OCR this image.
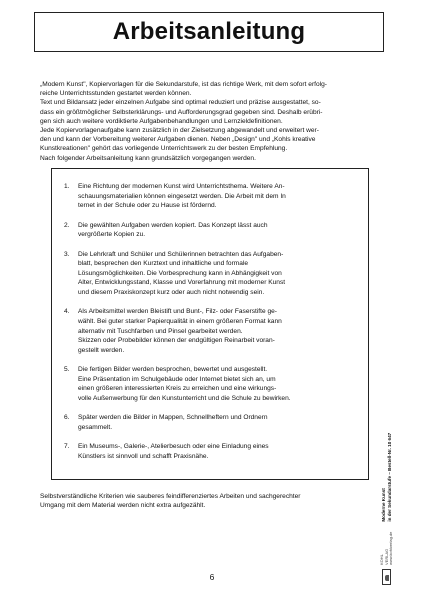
Arbeitsanleitung

„Modern Kunst", Kopiervorlagen für die Sekundarstufe, ist das richtige Werk, mit dem sofort erfolg-

reiche Unterrichtsstunden gestartet werden können.

Text und Bildansatz jeder einzelnen Aufgabe sind optimal reduziert und präzise ausgestattet, so-

dass ein größtmöglicher Selbsterklärungs- und Aufforderungsgrad gegeben sind. Deshalb erübri-

gen sich auch weitere vordiktierte Aufgabenbehandlungen und Lernzieldefinitionen.

Jede Kopiervorlagenaufgabe kann zusätzlich in der Zielsetzung abgewandelt und erweitert wer-

den und kann der Vorbereitung weiterer Aufgaben dienen. Neben „Design" und „Kohls kreative

Kunstkreationen" gehört das vorliegende Unterrichtswerk zu der besten Empfehlung.

Nach folgender Arbeitsanleitung kann grundsätzlich vorgegangen werden.

1.	Eine Richtung der modernen Kunst wird Unterrichtsthema. Weitere An-
schauungsmaterialien können eingesetzt werden. Die Arbeit mit dem In
ternet in der Schule oder zu Hause ist fördernd.
2.	Die gewählten Aufgaben werden kopiert. Das Konzept lässt auch
vergrößerte Kopien zu.
3.	Die Lehrkraft und Schüler und Schülerinnen betrachten das Aufgaben-
blatt, besprechen den Kurztext und inhaltliche und formale
Lösungsmöglichkeiten. Die Vorbesprechung kann in Abhängigkeit von
Alter, Entwicklungsstand, Klasse und Vorerfahrung mit moderner Kunst
und diesem Praxiskonzept kurz oder auch nicht notwendig sein.
4.	Als Arbeitsmittel werden Bleistift und Bunt-, Filz- oder Faserstifte ge-
wählt. Bei guter starker Papierqualität in einem größeren Format kann
alternativ mit Tuschfarben und Pinsel gearbeitet werden.
Skizzen oder Probebilder können der endgültigen Reinarbeit voran-
gestellt werden.
5.	Die fertigen Bilder werden besprochen, bewertet und ausgestellt.
Eine Präsentation im Schulgebäude oder Internet bietet sich an, um
einen größeren interessierten Kreis zu erreichen und eine wirkungs-
volle Außenwerbung für den Kunstunterricht und die Schule zu bewirken.
6.	Später werden die Bilder in Mappen, Schnellheftern und Ordnern
gesammelt.
7.	Ein Museums-, Galerie-, Atelierbesuch oder eine Einladung eines
Künstlers ist sinnvoll und schafft Praxisnähe.

Selbstverständliche Kriterien wie sauberes feindifferenziertes Arbeiten und sachgerechter

Umgang mit dem Material werden nicht extra aufgezählt.

6
KOHL VERLAG www.kohlverlag.de
Moderne Kunst in der Sekundarstufe – Bestell-Nr. 10 647
